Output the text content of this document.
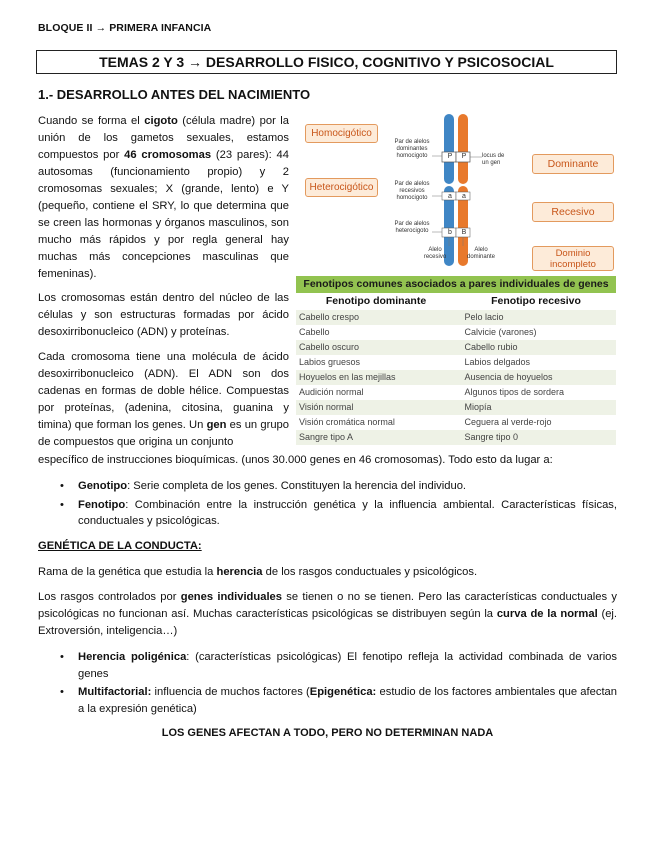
BLOQUE II → PRIMERA INFANCIA
TEMAS 2 Y 3 → DESARROLLO FISICO, COGNITIVO Y PSICOSOCIAL
1.- DESARROLLO ANTES DEL NACIMIENTO
Cuando se forma el cigoto (célula madre) por la unión de los gametos sexuales, estamos compuestos por 46 cromosomas (23 pares): 44 autosomas (funcionamiento propio) y 2 cromosomas sexuales; X (grande, lento) e Y (pequeño, contiene el SRY, lo que determina que se creen las hormonas y órganos masculinos, son mucho más rápidos y por regla general hay muchas más concepciones masculinas que femeninas).
Los cromosomas están dentro del núcleo de las células y son estructuras formadas por ácido desoxirribonucleico (ADN) y proteínas.
Cada cromosoma tiene una molécula de ácido desoxirribonucleico (ADN). El ADN son dos cadenas en formas de doble hélice. Compuestas por proteínas, (adenina, citosina, guanina y timina) que forman los genes. Un gen es un grupo de compuestos que origina un conjunto
específico de instrucciones bioquímicas. (unos 30.000 genes en 46 cromosomas). Todo esto da lugar a:
• Genotipo: Serie completa de los genes. Constituyen la herencia del individuo.
• Fenotipo: Combinación entre la instrucción genética y la influencia ambiental. Características físicas, conductuales y psicológicas.
Homocigótico
Heterocigótico
Dominante
Recesivo
Dominio incompleto
P P
a a
b B
Par de alelos dominantes homocigoto
Par de alelos recesivos homocigoto
Par de alelos heterocigoto
Alelo recesivo
Alelo dominante
locus de un gen
Fenotipos comunes asociados a pares individuales de genes
Fenotipo dominante	Fenotipo recesivo
Cabello crespo	Pelo lacio
Cabello	Calvicie (varones)
Cabello oscuro	Cabello rubio
Labios gruesos	Labios delgados
Hoyuelos en las mejillas	Ausencia de hoyuelos
Audición normal	Algunos tipos de sordera
Visión normal	Miopía
Visión cromática normal	Ceguera al verde-rojo
Sangre tipo A	Sangre tipo 0
GENÉTICA DE LA CONDUCTA:
Rama de la genética que estudia la herencia de los rasgos conductuales y psicológicos.
Los rasgos controlados por genes individuales se tienen o no se tienen. Pero las características conductuales y psicológicas no funcionan así. Muchas características psicológicas se distribuyen según la curva de la normal (ej. Extroversión, inteligencia…)
• Herencia poligénica: (características psicológicas) El fenotipo refleja la actividad combinada de varios genes
• Multifactorial: influencia de muchos factores (Epigenética: estudio de los factores ambientales que afectan a la expresión genética)
LOS GENES AFECTAN A TODO, PERO NO DETERMINAN NADA
